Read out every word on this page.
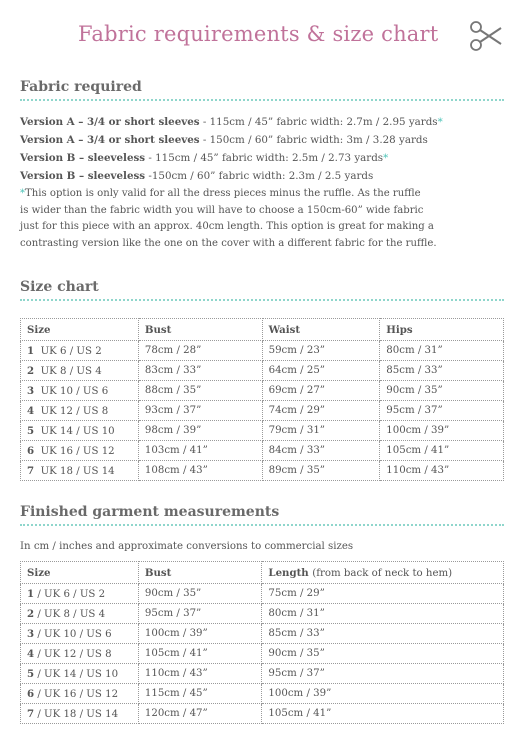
Fabric requirements & size chart
Fabric required
Version A – 3/4 or short sleeves - 115cm / 45” fabric width: 2.7m / 2.95 yards*
Version A – 3/4 or short sleeves - 150cm / 60” fabric width: 3m / 3.28 yards
Version B – sleeveless - 115cm / 45” fabric width: 2.5m / 2.73 yards*
Version B – sleeveless -150cm / 60” fabric width: 2.3m / 2.5 yards
*This option is only valid for all the dress pieces minus the ruffle. As the ruffle
is wider than the fabric width you will have to choose a 150cm-60” wide fabric
just for this piece with an approx. 40cm length. This option is great for making a
contrasting version like the one on the cover with a different fabric for the ruffle.
Size chart
Size	Bust	Waist	Hips
1 UK 6 / US 2	78cm / 28”	59cm / 23”	80cm / 31”
2 UK 8 / US 4	83cm / 33”	64cm / 25”	85cm / 33”
3 UK 10 / US 6	88cm / 35”	69cm / 27”	90cm / 35”
4 UK 12 / US 8	93cm / 37”	74cm / 29”	95cm / 37”
5 UK 14 / US 10	98cm / 39”	79cm / 31”	100cm / 39”
6 UK 16 / US 12	103cm / 41”	84cm / 33”	105cm / 41”
7 UK 18 / US 14	108cm / 43”	89cm / 35”	110cm / 43”
Finished garment measurements
In cm / inches and approximate conversions to commercial sizes
Size	Bust	Length (from back of neck to hem)
1 / UK 6 / US 2	90cm / 35”	75cm / 29”
2 / UK 8 / US 4	95cm / 37”	80cm / 31”
3 / UK 10 / US 6	100cm / 39”	85cm / 33”
4 / UK 12 / US 8	105cm / 41”	90cm / 35”
5 / UK 14 / US 10	110cm / 43”	95cm / 37”
6 / UK 16 / US 12	115cm / 45”	100cm / 39”
7 / UK 18 / US 14	120cm / 47”	105cm / 41”
